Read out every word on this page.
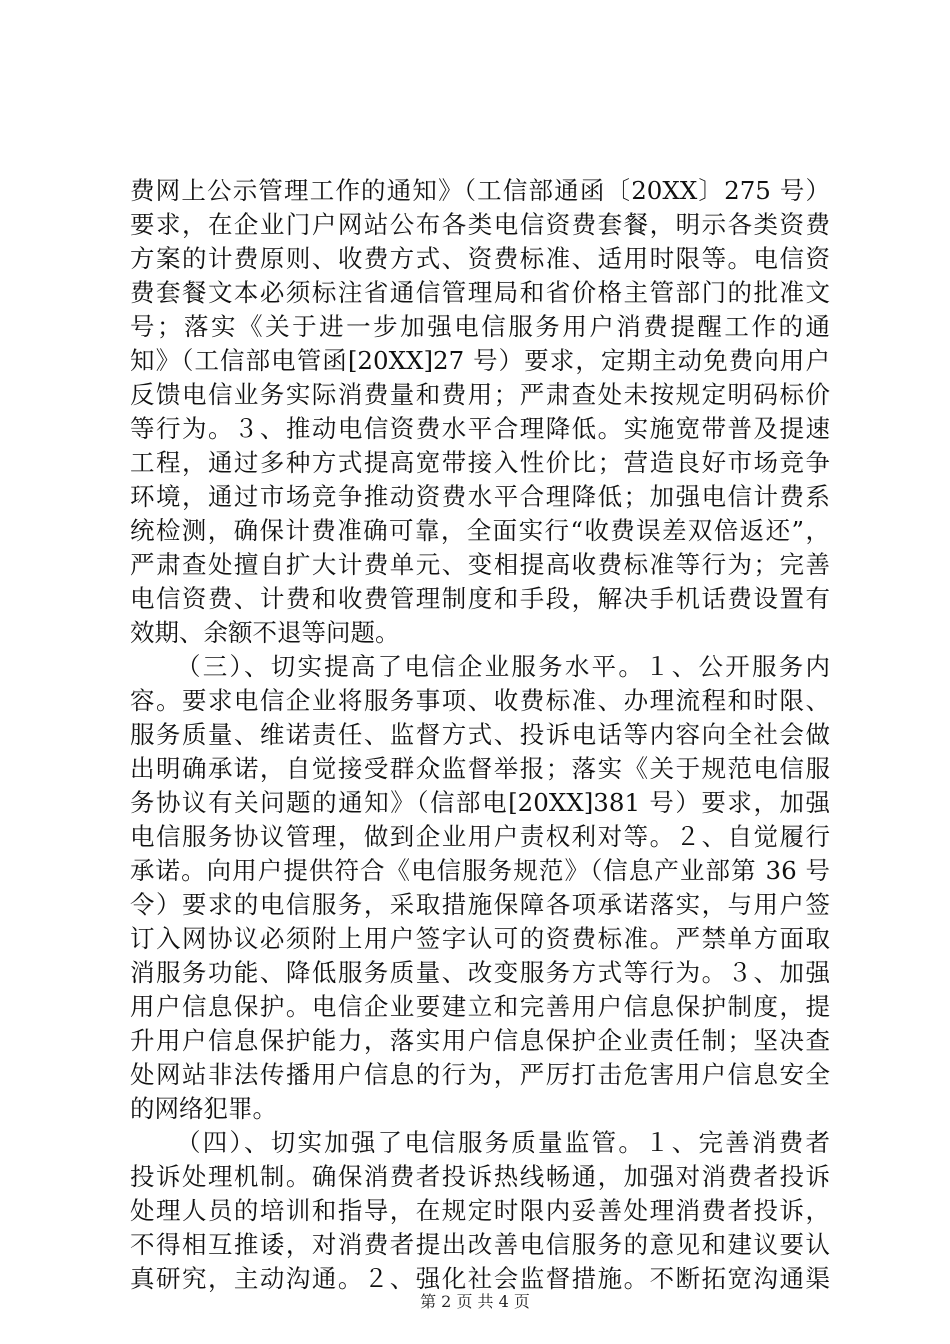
费网上公示管理工作的通知》（工信部通函〔20XX〕275 号）
要求，在企业门户网站公布各类电信资费套餐，明示各类资费
方案的计费原则、收费方式、资费标准、适用时限等。电信资
费套餐文本必须标注省通信管理局和省价格主管部门的批准文
号；落实《关于进一步加强电信服务用户消费提醒工作的通
知》（工信部电管函[20XX]27 号）要求，定期主动免费向用户
反馈电信业务实际消费量和费用；严肃查处未按规定明码标价
等行为。３、推动电信资费水平合理降低。实施宽带普及提速
工程，通过多种方式提高宽带接入性价比；营造良好市场竞争
环境，通过市场竞争推动资费水平合理降低；加强电信计费系
统检测，确保计费准确可靠，全面实行“收费误差双倍返还”，
严肃查处擅自扩大计费单元、变相提高收费标准等行为；完善
电信资费、计费和收费管理制度和手段，解决手机话费设置有
效期、余额不退等问题。
（三）、切实提高了电信企业服务水平。１、公开服务内
容。要求电信企业将服务事项、收费标准、办理流程和时限、
服务质量、维诺责任、监督方式、投诉电话等内容向全社会做
出明确承诺，自觉接受群众监督举报；落实《关于规范电信服
务协议有关问题的通知》（信部电[20XX]381 号）要求，加强
电信服务协议管理，做到企业用户责权利对等。２、自觉履行
承诺。向用户提供符合《电信服务规范》（信息产业部第 36 号
令）要求的电信服务，采取措施保障各项承诺落实，与用户签
订入网协议必须附上用户签字认可的资费标准。严禁单方面取
消服务功能、降低服务质量、改变服务方式等行为。３、加强
用户信息保护。电信企业要建立和完善用户信息保护制度，提
升用户信息保护能力，落实用户信息保护企业责任制；坚决查
处网站非法传播用户信息的行为，严厉打击危害用户信息安全
的网络犯罪。
（四）、切实加强了电信服务质量监管。１、完善消费者
投诉处理机制。确保消费者投诉热线畅通，加强对消费者投诉
处理人员的培训和指导，在规定时限内妥善处理消费者投诉，
不得相互推诿，对消费者提出改善电信服务的意见和建议要认
真研究，主动沟通。２、强化社会监督措施。不断拓宽沟通渠
第 2 页 共 4 页
